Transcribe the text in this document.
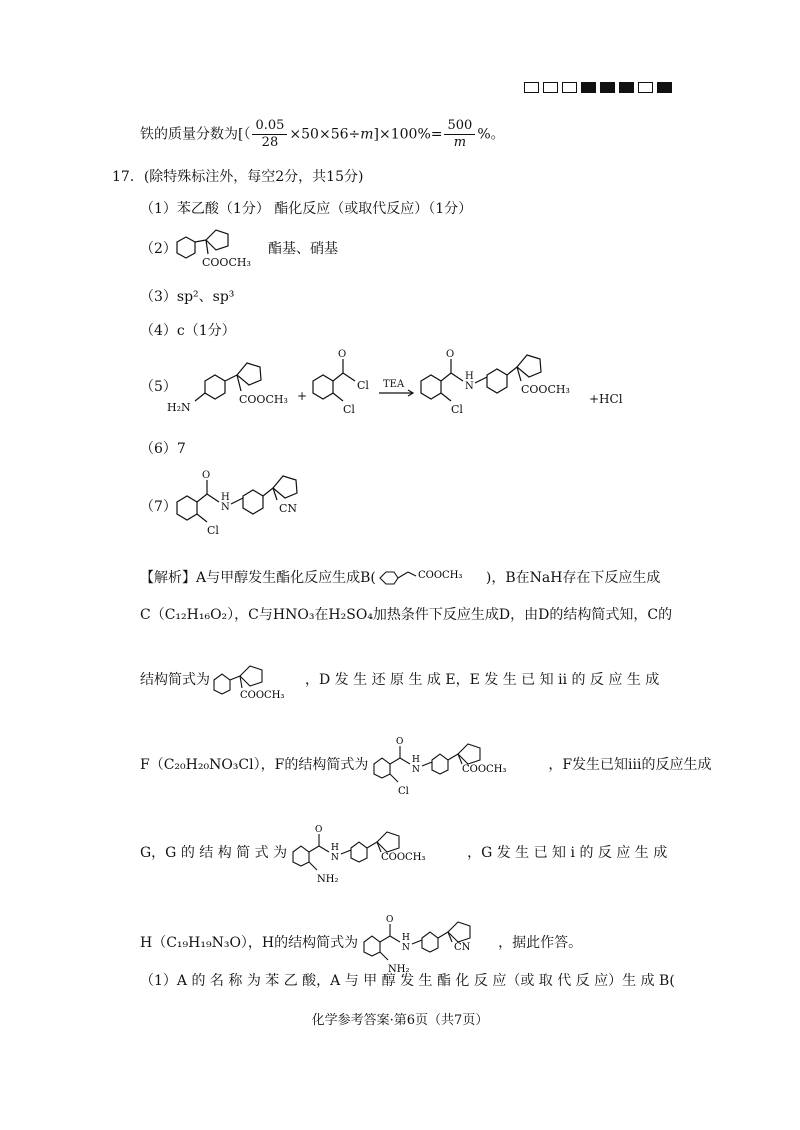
铁的质量分数为[（ $\frac{0.05}{28} \times 50\times 56\div m]\times 100\%= \frac{500}{m}$ %。
17．(除特殊标注外，每空2分，共15分)
（1）苯乙酸（1分） 酯化反应（或取代反应）（1分）
（2）
COOCH₃
酯基、硝基
（3）sp²、sp³
（4）c（1分）
（5）
H₂N
COOCH₃ +
O
Cl
Cl
TEA
O
H
N	COOCH₃
Cl
+HCl
（6）7
（7）
O
H
N	CN
Cl
【解析】A与甲醇发生酯化反应生成B(	COOCH₃ )，B在NaH存在下反应生成
C（C₁₂H₁₆O₂），C与HNO₃在H₂SO₄加热条件下反应生成D，由D的结构简式知，C的
结构简式为
COOCH₃
，D 发 生 还 原 生 成 E，E 发 生 已 知 ⅱ 的 反 应 生 成
F（C₂₀H₂₀NO₃Cl），F的结构简式为
O
H
N	COOCH₃
Cl
，F发生已知ⅲ的反应生成
G，G 的 结 构 简 式 为
O
H
N	COOCH₃
NH₂
，G 发 生 已 知 ⅰ 的 反 应 生 成
H（C₁₉H₁₉N₃O），H的结构简式为
O
H
N	CN
NH₂
，据此作答。
（1）A 的 名 称 为 苯 乙 酸，A 与 甲 醇 发 生 酯 化 反 应（或 取 代 反 应）生 成 B(
化学参考答案·第6页（共7页）
